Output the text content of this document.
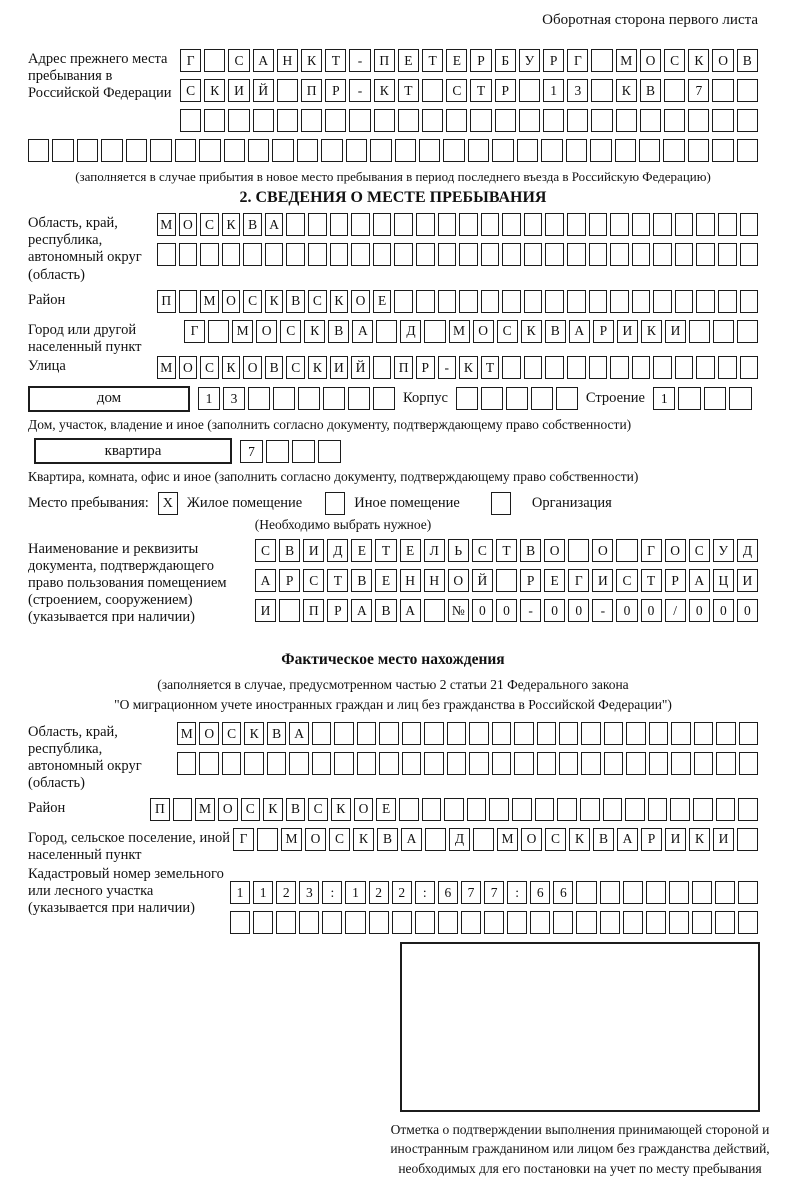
Оборотная сторона первого листа
Адрес прежнего места пребывания в Российской Федерации
Г	С	А	Н	К	Т	-	П	Е	Т	Е	Р	Б	У	Р	Г	М О	С	К	О	В
С	К	И	Й	П	Р	-	К	Т	С	Т	Р	1	3	К	В	7
(заполняется в случае прибытия в новое место пребывания в период последнего въезда в Российскую Федерацию)
2. СВЕДЕНИЯ О МЕСТЕ ПРЕБЫВАНИЯ
Область, край, республика, автономный округ (область)
М О С К В А
Район	П	М О С К В С К О Е
Город или другой населенный пункт
Г	М О	С	К	В	А	Д	М О	С	К	В	А	Р	И	К	И
Улица	М О С К О В С К И Й	П Р	-	К Т
дом	1	3	Корпус	Строение	1
Дом, участок, владение и иное (заполнить согласно документу, подтверждающему право собственности)
квартира	7
Квартира, комната, офис и иное (заполнить согласно документу, подтверждающему право собственности)
Место пребывания: X Жилое помещение	Иное помещение	Организация
(Необходимо выбрать нужное)
Наименование и реквизиты документа, подтверждающего право пользования помещением (строением, сооружением) (указывается при наличии)
С	В	И	Д	Е	Т	Е	Л	Ь	С	Т	В	О	О	Г	О	С	У	Д
А	Р	С	Т	В	Е	Н	Н	О	Й	Р	Е	Г	И	С	Т	Р	А	Ц	И
И	П	Р	А	В	А	№	0	0	-	0	0	-	0	0	/	0	0	0
Фактическое место нахождения
(заполняется в случае, предусмотренном частью 2 статьи 21 Федерального закона
"О миграционном учете иностранных граждан и лиц без гражданства в Российской Федерации")
Область, край, республика, автономный округ (область)
М О С К В А
Район	П	М О С	К	В	С	К О	Е
Город, сельское поселение, иной населенный пункт
Г	М О	С	К	В	А	Д	М О	С	К	В	А	Р	И	К	И
Кадастровый номер земельного или лесного участка (указывается при наличии)
1	1	2	3	:	1	2	2	:	6	7	7	:	6	6
Отметка о подтверждении выполнения принимающей стороной и иностранным гражданином или лицом без гражданства действий, необходимых для его постановки на учет по месту пребывания
